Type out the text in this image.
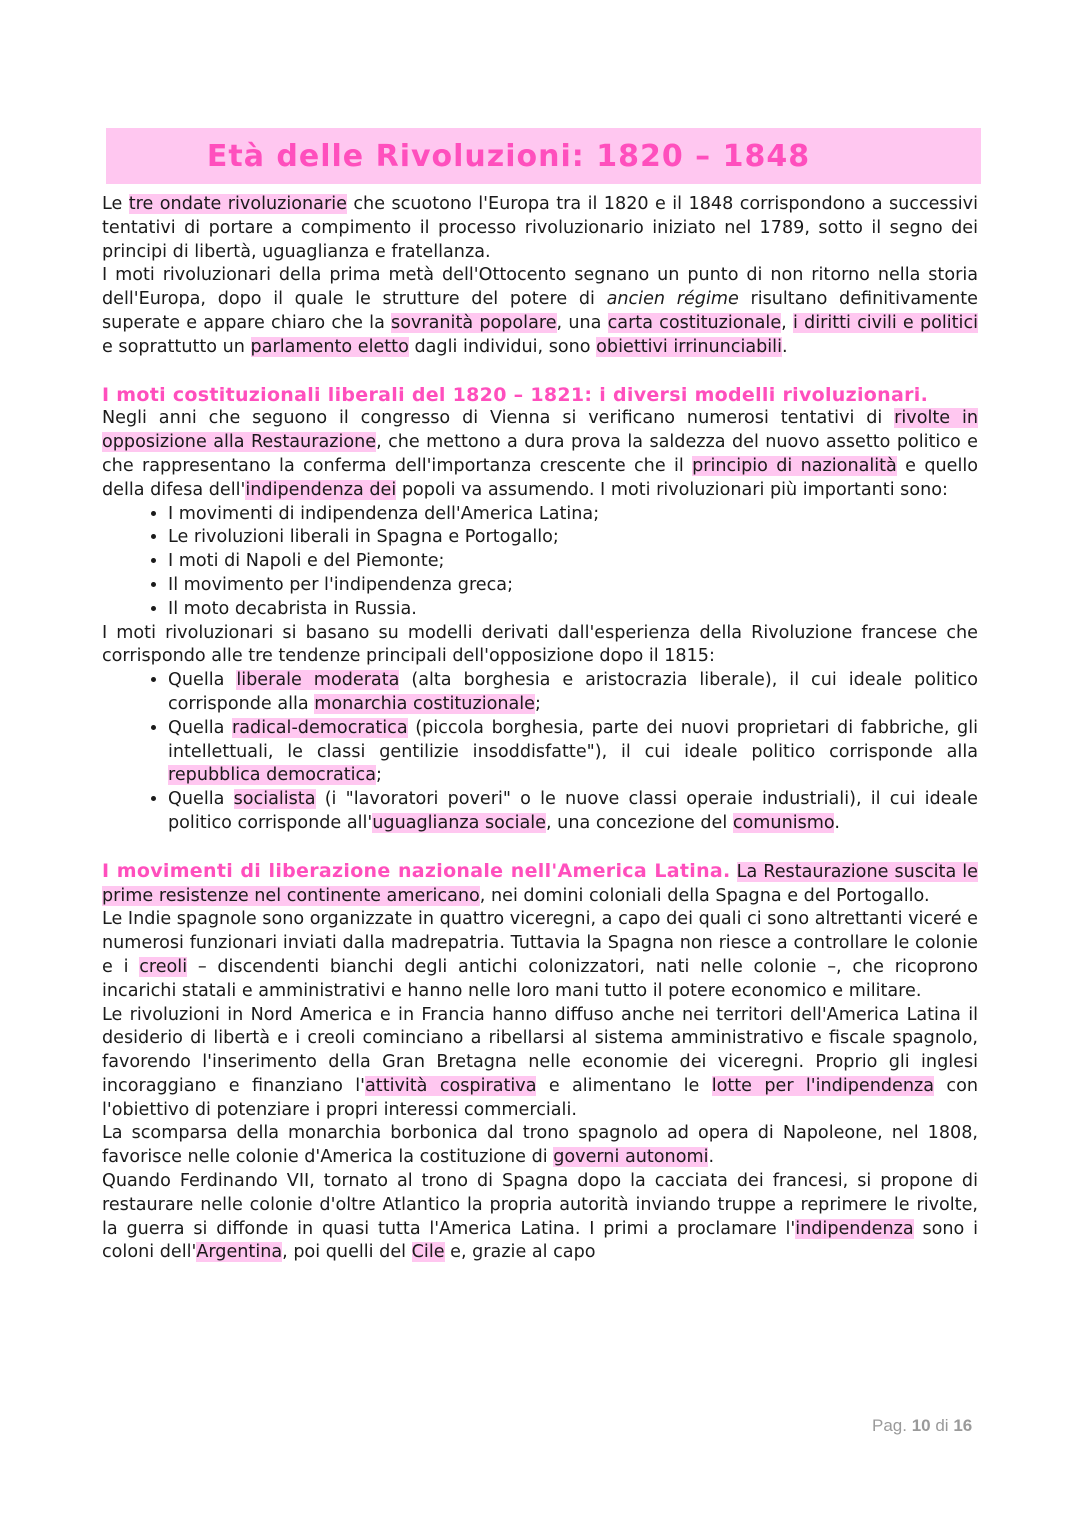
Età delle Rivoluzioni: 1820 – 1848

Le tre ondate rivoluzionarie che scuotono l'Europa tra il 1820 e il 1848 corrispondono a successivi tentativi di portare a compimento il processo rivoluzionario iniziato nel 1789, sotto il segno dei principi di libertà, uguaglianza e fratellanza.

I moti rivoluzionari della prima metà dell'Ottocento segnano un punto di non ritorno nella storia dell'Europa, dopo il quale le strutture del potere di ancien régime risultano definitivamente superate e appare chiaro che la sovranità popolare, una carta costituzionale, i diritti civili e politici e soprattutto un parlamento eletto dagli individui, sono obiettivi irrinunciabili.

I moti costituzionali liberali del 1820 – 1821: i diversi modelli rivoluzionari.

Negli anni che seguono il congresso di Vienna si verificano numerosi tentativi di rivolte in opposizione alla Restaurazione, che mettono a dura prova la saldezza del nuovo assetto politico e che rappresentano la conferma dell'importanza crescente che il principio di nazionalità e quello della difesa dell'indipendenza dei popoli va assumendo. I moti rivoluzionari più importanti sono:

• I movimenti di indipendenza dell'America Latina;
• Le rivoluzioni liberali in Spagna e Portogallo;
• I moti di Napoli e del Piemonte;
• Il movimento per l'indipendenza greca;
• Il moto decabrista in Russia.

I moti rivoluzionari si basano su modelli derivati dall'esperienza della Rivoluzione francese che corrispondo alle tre tendenze principali dell'opposizione dopo il 1815:

• Quella liberale moderata (alta borghesia e aristocrazia liberale), il cui ideale politico corrisponde alla monarchia costituzionale;
• Quella radical-democratica (piccola borghesia, parte dei nuovi proprietari di fabbriche, gli intellettuali, le classi gentilizie insoddisfatte"), il cui ideale politico corrisponde alla repubblica democratica;
• Quella socialista (i "lavoratori poveri" o le nuove classi operaie industriali), il cui ideale politico corrisponde all'uguaglianza sociale, una concezione del comunismo.

I movimenti di liberazione nazionale nell'America Latina. La Restaurazione suscita le prime resistenze nel continente americano, nei domini coloniali della Spagna e del Portogallo.

Le Indie spagnole sono organizzate in quattro viceregni, a capo dei quali ci sono altrettanti viceré e numerosi funzionari inviati dalla madrepatria. Tuttavia la Spagna non riesce a controllare le colonie e i creoli – discendenti bianchi degli antichi colonizzatori, nati nelle colonie –, che ricoprono incarichi statali e amministrativi e hanno nelle loro mani tutto il potere economico e militare.

Le rivoluzioni in Nord America e in Francia hanno diffuso anche nei territori dell'America Latina il desiderio di libertà e i creoli cominciano a ribellarsi al sistema amministrativo e fiscale spagnolo, favorendo l'inserimento della Gran Bretagna nelle economie dei viceregni. Proprio gli inglesi incoraggiano e finanziano l'attività cospirativa e alimentano le lotte per l'indipendenza con l'obiettivo di potenziare i propri interessi commerciali.

La scomparsa della monarchia borbonica dal trono spagnolo ad opera di Napoleone, nel 1808, favorisce nelle colonie d'America la costituzione di governi autonomi.

Quando Ferdinando VII, tornato al trono di Spagna dopo la cacciata dei francesi, si propone di restaurare nelle colonie d'oltre Atlantico la propria autorità inviando truppe a reprimere le rivolte, la guerra si diffonde in quasi tutta l'America Latina. I primi a proclamare l'indipendenza sono i coloni dell'Argentina, poi quelli del Cile e, grazie al capo

Pag. 10 di 16
